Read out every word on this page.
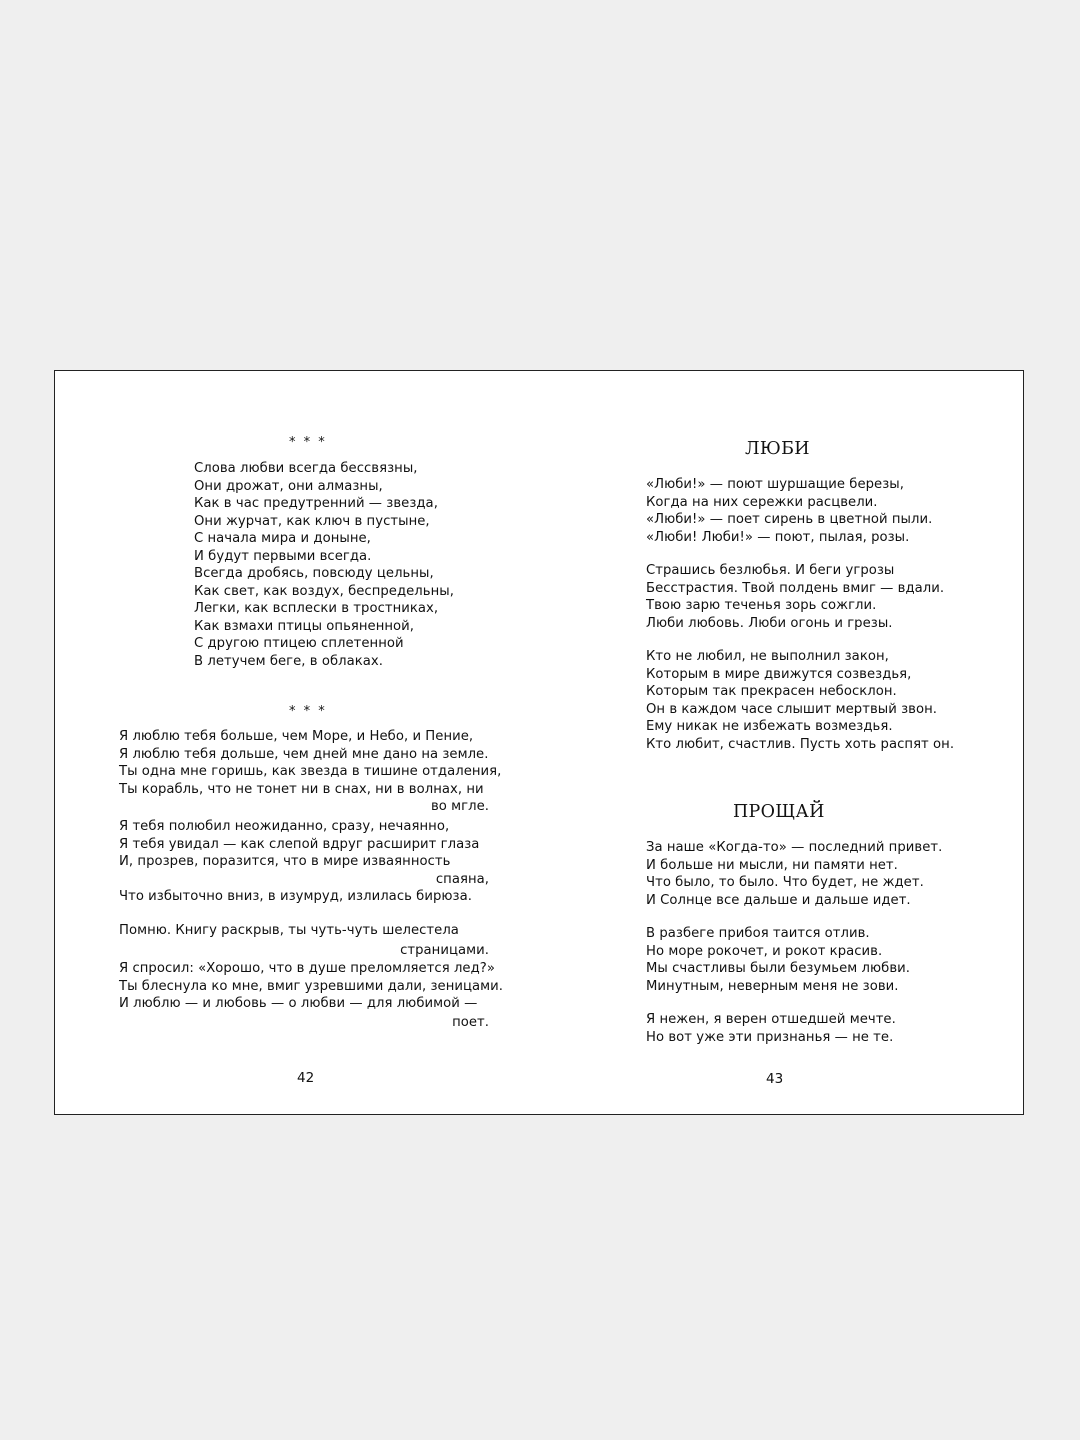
* * *
Слова любви всегда бессвязны,
Они дрожат, они алмазны,
Как в час предутренний — звезда,
Они журчат, как ключ в пустыне,
С начала мира и доныне,
И будут первыми всегда.
Всегда дробясь, повсюду цельны,
Как свет, как воздух, беспредельны,
Легки, как всплески в тростниках,
Как взмахи птицы опьяненной,
С другою птицею сплетенной
В летучем беге, в облаках.
* * *
Я люблю тебя больше, чем Море, и Небо, и Пение,
Я люблю тебя дольше, чем дней мне дано на земле.
Ты одна мне горишь, как звезда в тишине отдаления,
Ты корабль, что не тонет ни в снах, ни в волнах, ни
во мгле.
Я тебя полюбил неожиданно, сразу, нечаянно,
Я тебя увидал — как слепой вдруг расширит глаза
И, прозрев, поразится, что в мире изваянность
спаяна,
Что избыточно вниз, в изумруд, излилась бирюза.
Помню. Книгу раскрыв, ты чуть-чуть шелестела
страницами.
Я спросил: «Хорошо, что в душе преломляется лед?»
Ты блеснула ко мне, вмиг узревшими дали, зеницами.
И люблю — и любовь — о любви — для любимой —
поет.
42
ЛЮБИ
«Люби!» — поют шуршащие березы,
Когда на них сережки расцвели.
«Люби!» — поет сирень в цветной пыли.
«Люби! Люби!» — поют, пылая, розы.
Страшись безлюбья. И беги угрозы
Бесстрастия. Твой полдень вмиг — вдали.
Твою зарю теченья зорь сожгли.
Люби любовь. Люби огонь и грезы.
Кто не любил, не выполнил закон,
Которым в мире движутся созвездья,
Которым так прекрасен небосклон.
Он в каждом часе слышит мертвый звон.
Ему никак не избежать возмездья.
Кто любит, счастлив. Пусть хоть распят он.
ПРОЩАЙ
За наше «Когда-то» — последний привет.
И больше ни мысли, ни памяти нет.
Что было, то было. Что будет, не ждет.
И Солнце все дальше и дальше идет.
В разбеге прибоя таится отлив.
Но море рокочет, и рокот красив.
Мы счастливы были безумьем любви.
Минутным, неверным меня не зови.
Я нежен, я верен отшедшей мечте.
Но вот уже эти признанья — не те.
43
